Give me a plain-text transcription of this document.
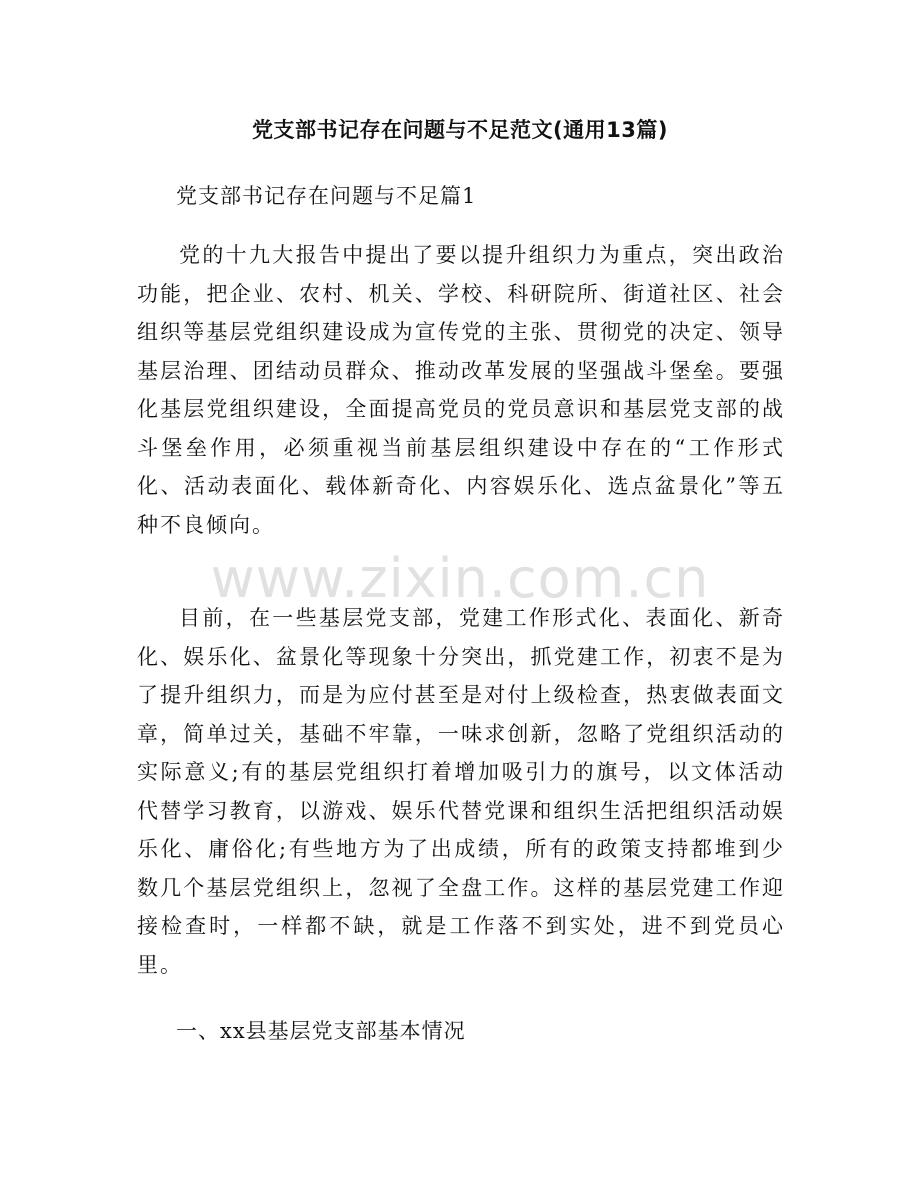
党支部书记存在问题与不足范文(通用13篇)
党支部书记存在问题与不足篇1

党的十九大报告中提出了要以提升组织力为重点，突出政治功能，把企业、农村、机关、学校、科研院所、街道社区、社会组织等基层党组织建设成为宣传党的主张、贯彻党的决定、领导基层治理、团结动员群众、推动改革发展的坚强战斗堡垒。要强化基层党组织建设，全面提高党员的党员意识和基层党支部的战斗堡垒作用，必须重视当前基层组织建设中存在的“工作形式化、活动表面化、载体新奇化、内容娱乐化、选点盆景化”等五种不良倾向。

www.zixin.com.cn

目前，在一些基层党支部，党建工作形式化、表面化、新奇化、娱乐化、盆景化等现象十分突出，抓党建工作，初衷不是为了提升组织力，而是为应付甚至是对付上级检查，热衷做表面文章，简单过关，基础不牢靠，一味求创新，忽略了党组织活动的实际意义;有的基层党组织打着增加吸引力的旗号，以文体活动代替学习教育，以游戏、娱乐代替党课和组织生活把组织活动娱乐化、庸俗化;有些地方为了出成绩，所有的政策支持都堆到少数几个基层党组织上，忽视了全盘工作。这样的基层党建工作迎接检查时，一样都不缺，就是工作落不到实处，进不到党员心里。

一、xx县基层党支部基本情况
